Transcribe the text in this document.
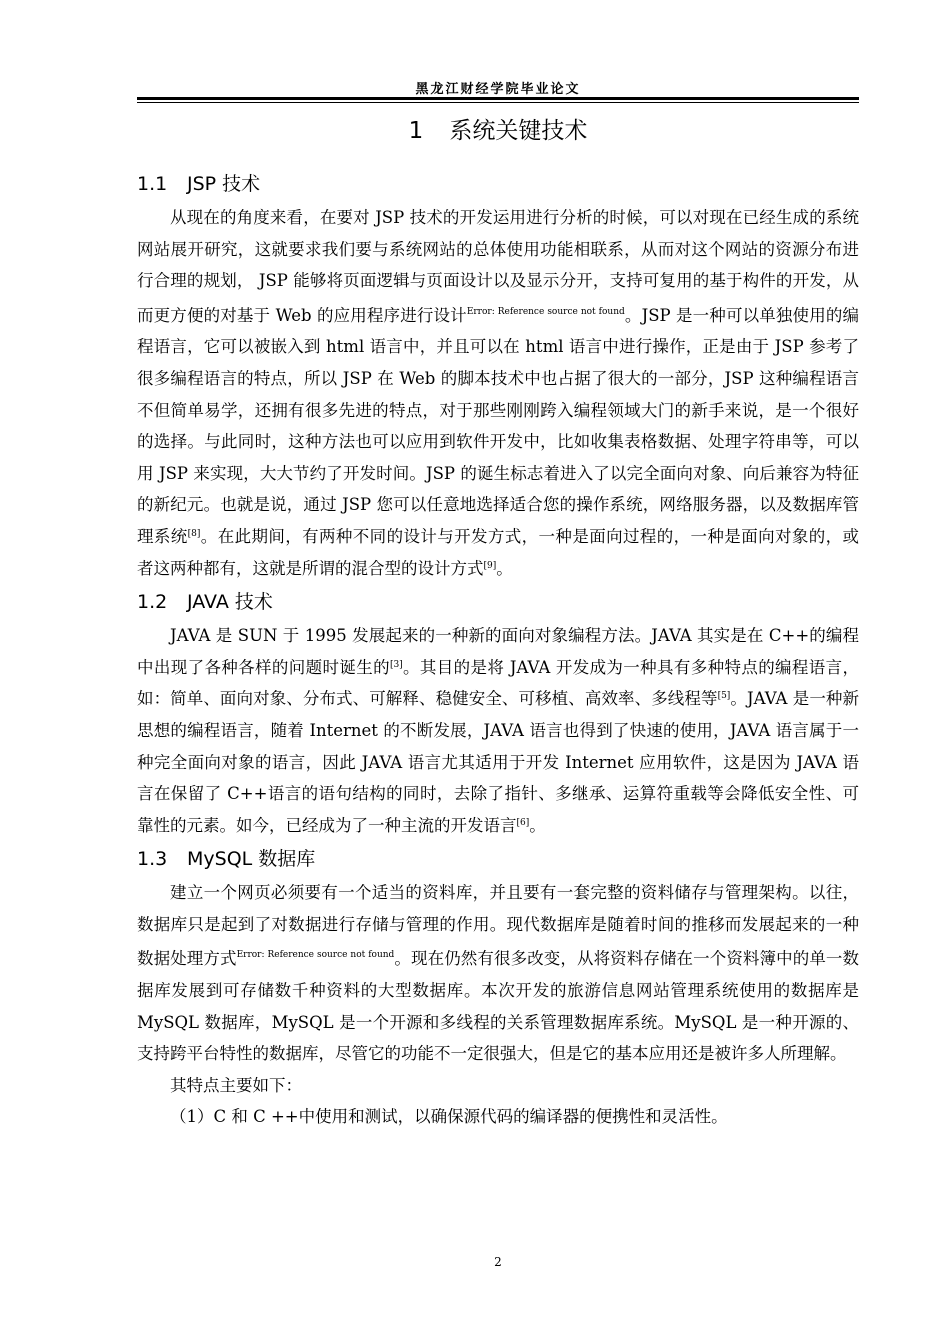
黑龙江财经学院毕业论文
1 系统关键技术
1.1 JSP 技术

从现在的角度来看，在要对 JSP 技术的开发运用进行分析的时候，可以对现在已经生成的系统网站展开研究，这就要求我们要与系统网站的总体使用功能相联系，从而对这个网站的资源分布进行合理的规划， JSP 能够将页面逻辑与页面设计以及显示分开，支持可复用的基于构件的开发，从而更方便的对基于 Web 的应用程序进行设计$^{Error: Reference source not found}$。JSP 是一种可以单独使用的编程语言，它可以被嵌入到 html 语言中，并且可以在 html 语言中进行操作，正是由于 JSP 参考了很多编程语言的特点，所以 JSP 在 Web 的脚本技术中也占据了很大的一部分，JSP 这种编程语言不但简单易学，还拥有很多先进的特点，对于那些刚刚跨入编程领域大门的新手来说，是一个很好的选择。与此同时，这种方法也可以应用到软件开发中，比如收集表格数据、处理字符串等，可以用 JSP 来实现，大大节约了开发时间。JSP 的诞生标志着进入了以完全面向对象、向后兼容为特征的新纪元。也就是说，通过 JSP 您可以任意地选择适合您的操作系统，网络服务器，以及数据库管理系统[8]。在此期间，有两种不同的设计与开发方式，一种是面向过程的，一种是面向对象的，或者这两种都有，这就是所谓的混合型的设计方式[9]。

1.2 JAVA 技术

JAVA 是 SUN 于 1995 发展起来的一种新的面向对象编程方法。JAVA 其实是在 C++的编程中出现了各种各样的问题时诞生的[3]。其目的是将 JAVA 开发成为一种具有多种特点的编程语言，如：简单、面向对象、分布式、可解释、稳健安全、可移植、高效率、多线程等[5]。JAVA 是一种新思想的编程语言，随着 Internet 的不断发展，JAVA 语言也得到了快速的使用，JAVA 语言属于一种完全面向对象的语言，因此 JAVA 语言尤其适用于开发 Internet 应用软件，这是因为 JAVA 语言在保留了 C++语言的语句结构的同时，去除了指针、多继承、运算符重载等会降低安全性、可靠性的元素。如今，已经成为了一种主流的开发语言[6]。

1.3 MySQL 数据库

建立一个网页必须要有一个适当的资料库，并且要有一套完整的资料储存与管理架构。以往，数据库只是起到了对数据进行存储与管理的作用。现代数据库是随着时间的推移而发展起来的一种数据处理方式$^{Error: Reference source not found}$。现在仍然有很多改变，从将资料存储在一个资料簿中的单一数据库发展到可存储数千种资料的大型数据库。本次开发的旅游信息网站管理系统使用的数据库是 MySQL 数据库，MySQL 是一个开源和多线程的关系管理数据库系统。MySQL 是一种开源的、支持跨平台特性的数据库，尽管它的功能不一定很强大，但是它的基本应用还是被许多人所理解。

其特点主要如下：

（1）C 和 C ++中使用和测试，以确保源代码的编译器的便携性和灵活性。

2
